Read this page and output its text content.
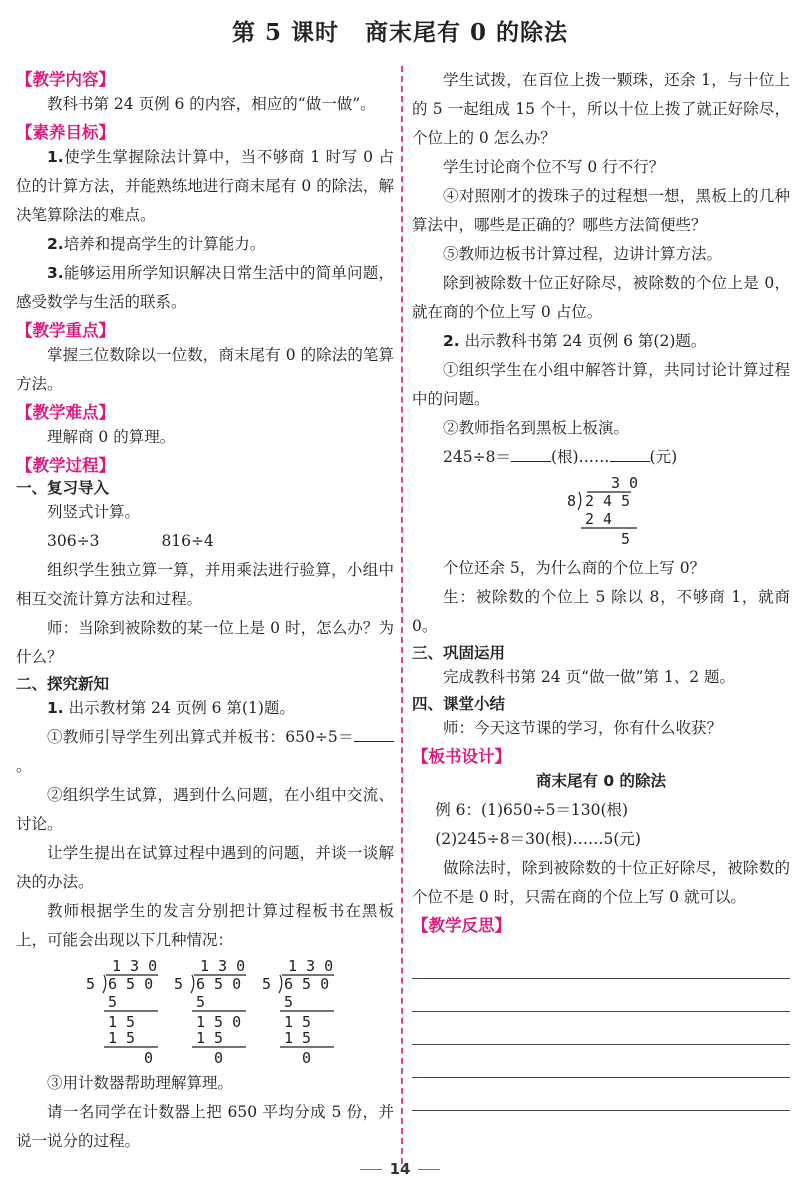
第 5 课时 商末尾有 0 的除法
【教学内容】

教科书第 24 页例 6 的内容，相应的“做一做”。

【素养目标】

1.使学生掌握除法计算中，当不够商 1 时写 0 占位的计算方法，并能熟练地进行商末尾有 0 的除法，解决笔算除法的难点。

2.培养和提高学生的计算能力。

3.能够运用所学知识解决日常生活中的简单问题，感受数学与生活的联系。

【教学重点】

掌握三位数除以一位数，商末尾有 0 的除法的笔算方法。

【教学难点】

理解商 0 的算理。

【教学过程】
一、复习导入

列竖式计算。

306÷3	816÷4

组织学生独立算一算，并用乘法进行验算，小组中相互交流计算方法和过程。

师：当除到被除数的某一位上是 0 时，怎么办？为什么？

二、探究新知

1. 出示教材第 24 页例 6 第(1)题。

①教师引导学生列出算式并板书：650÷5＝。

②组织学生试算，遇到什么问题，在小组中交流、讨论。

让学生提出在试算过程中遇到的问题，并谈一谈解决的办法。

教师根据学生的发言分别把计算过程板书在黑板上，可能会出现以下几种情况：

1 3 0
5 6 5 0
5
1 5
1 5
0
1 3 0
5 6 5 0
5
1 5 0
1 5
0
1 3 0
5 6 5 0
5
1 5
1 5
0

③用计数器帮助理解算理。

请一名同学在计数器上把 650 平均分成 5 份，并说一说分的过程。

学生试拨，在百位上拨一颗珠，还余 1，与十位上的 5 一起组成 15 个十，所以十位上拨了就正好除尽，个位上的 0 怎么办？

学生讨论商个位不写 0 行不行？

④对照刚才的拨珠子的过程想一想，黑板上的几种算法中，哪些是正确的？哪些方法简便些？

⑤教师边板书计算过程，边讲计算方法。

除到被除数十位正好除尽，被除数的个位上是 0，就在商的个位上写 0 占位。

2. 出示教科书第 24 页例 6 第(2)题。

①组织学生在小组中解答计算，共同讨论计算过程中的问题。

②教师指名到黑板上板演。

245÷8＝	(根)……	(元)

3 0
8 2 4 5
2 4
5

个位还余 5，为什么商的个位上写 0？

生：被除数的个位上 5 除以 8，不够商 1，就商 0。

三、巩固运用

完成教科书第 24 页“做一做”第 1、2 题。

四、课堂小结

师：今天这节课的学习，你有什么收获？

【板书设计】

商末尾有 0 的除法

例 6：(1)650÷5＝130(根)

(2)245÷8＝30(根)……5(元)

做除法时，除到被除数的十位正好除尽，被除数的个位不是 0 时，只需在商的个位上写 0 就可以。

【教学反思】
14
